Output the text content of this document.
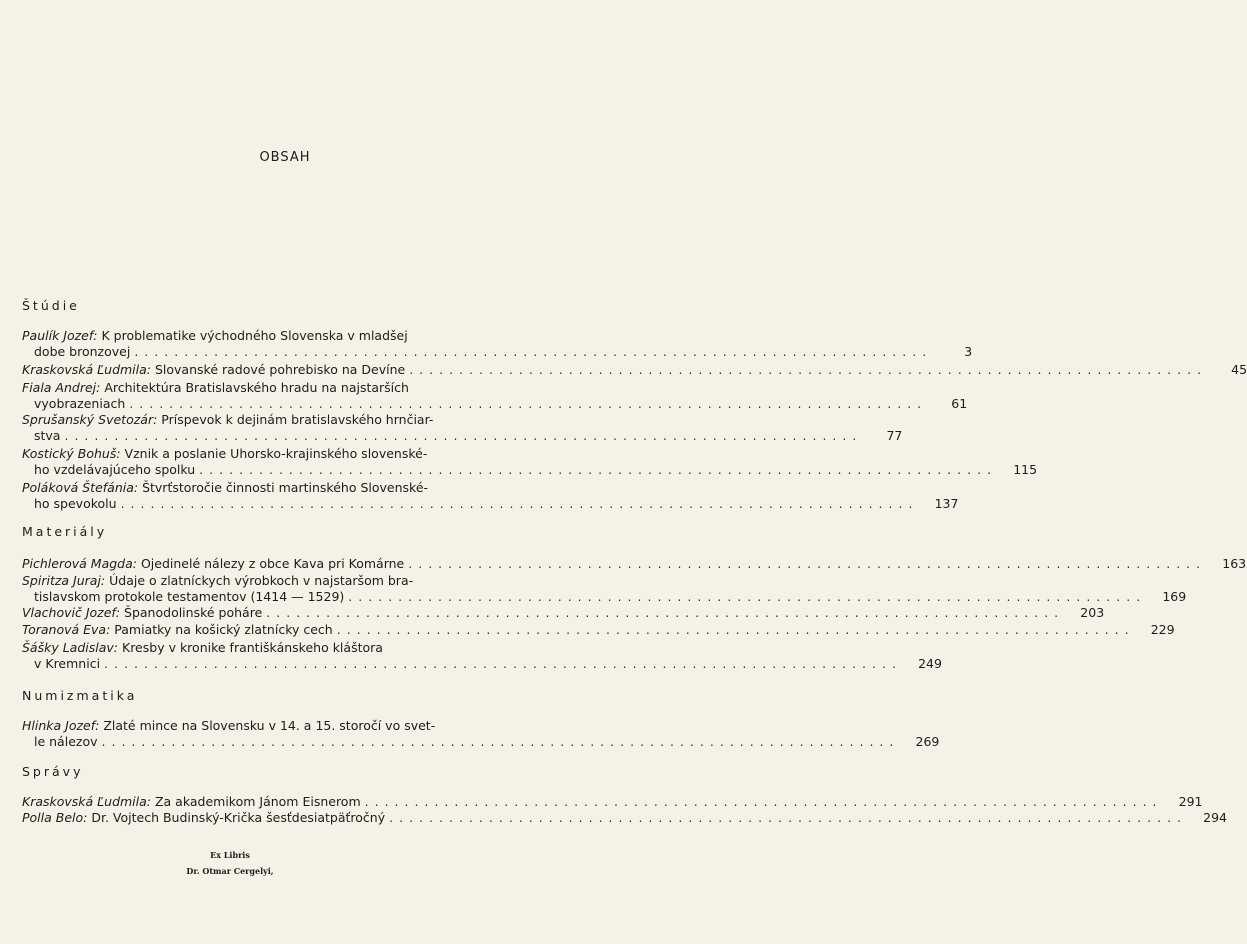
OBSAH
Štúdie
Paulík Jozef:
K problematike východného Slovenska v mladšej
dobe bronzovej ................................................................................	3
Kraskovská Ľudmila:
Slovanské radové pohrebisko na Devíne ................................................................................	45
Fiala Andrej:
Architektúra Bratislavského hradu na najstarších
vyobrazeniach ................................................................................	61
Sprušanský Svetozár:
Príspevok k dejinám bratislavského hrnčiar-
stva ................................................................................	77
Kostický Bohuš:
Vznik a poslanie Uhorsko-krajinského slovenské-
ho vzdelávajúceho spolku ................................................................................	115
Poláková Štefánia:
Štvrťstoročie činnosti martinského Slovenské-
ho spevokolu ................................................................................	137
Materiály
Pichlerová Magda:
Ojedinelé nálezy z obce Kava pri Komárne ................................................................................	163
Spiritza Juraj:
Údaje o zlatníckych výrobkoch v najstaršom bra-
tislavskom protokole testamentov (1414 — 1529) ................................................................................	169
Vlachovič Jozef:
Španodolinské poháre ................................................................................	203
Toranová Eva:
Pamiatky na košický zlatnícky cech ................................................................................	229
Šášky Ladislav:
Kresby v kronike františkánskeho kláštora
v Kremnici ................................................................................	249
Numizmatika
Hlinka Jozef:
Zlaté mince na Slovensku v 14. a 15. storočí vo svet-
le nálezov ................................................................................	269
Správy
Kraskovská Ľudmila:
Za akademikom Jánom Eisnerom ................................................................................	291
Polla Belo:
Dr. Vojtech Budinský-Krička šesťdesiatpäťročný ................................................................................	294
Ex Libris
Dr. Otmar Cergelyi,
